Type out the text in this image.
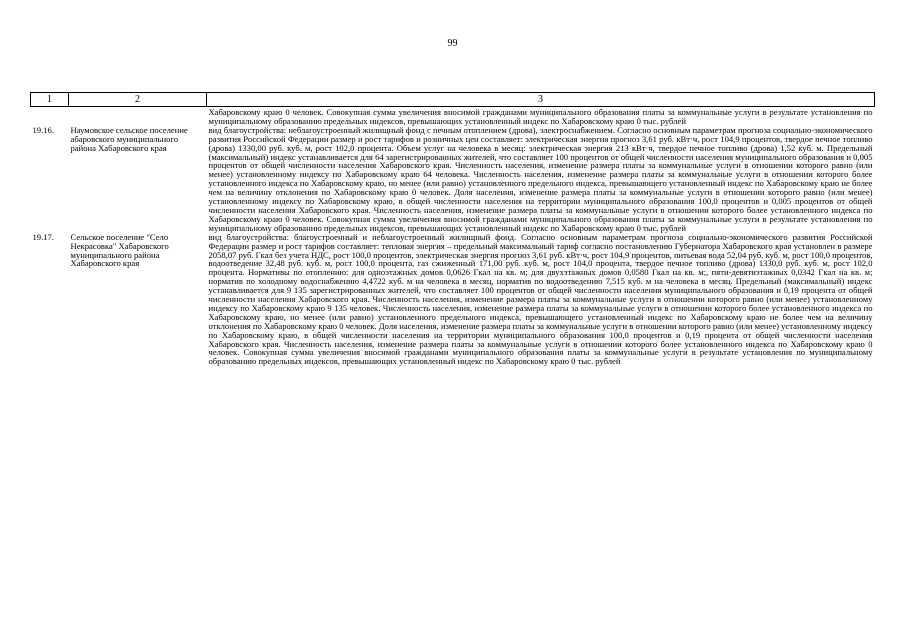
99
1	2	3
		Хабаровскому краю 0 человек. Совокупная сумма увеличения вносимой гражданами муниципального образования платы за коммунальные услуги в результате установления по муниципальному образованию предельных индексов, превышающих установленный индекс по Хабаровскому краю 0 тыс. рублей
19.16.	Наумовское сельское поселение абаровского муниципального района Хабаровского края	вид благоустройства: неблагоустроенный жилищный фонд с печным отоплением (дрова), электроснабжением. Согласно основным параметрам прогноза социально-экономического развития Российской Федерации размер и рост тарифов и розничных цен составляет: электрическая энергия прогноз 3,61 руб. кВт·ч, рост 104,9 процентов, твердое печное топливо (дрова) 1330,00 руб. куб. м, рост 102,0 процента. Объем услуг на человека в месяц: электрическая энергия 213 кВт·ч, твердое печное топливо (дрова) 1,52 куб. м. Предельный (максимальный) индекс устанавливается для 64 зарегистрированных жителей, что составляет 100 процентов от общей численности населения муниципального образования и 0,005 процентов от общей численности населения Хабаровского края. Численность населения, изменение размера платы за коммунальные услуги в отношении которого равно (или менее) установленному индексу по Хабаровскому краю 64 человека. Численность населения, изменение размера платы за коммунальные услуги в отношении которого более установленного индекса по Хабаровскому краю, но менее (или равно) установленного предельного индекса, превышающего установленный индекс по Хабаровскому краю не более чем на величину отклонения по Хабаровскому краю 0 человек. Доля населения, изменение размера платы за коммунальные услуги в отношении которого равно (или менее) установленному индексу по Хабаровскому краю, в общей численности населения на территории муниципального образования 100,0 процентов и 0,005 процентов от общей численности населения Хабаровского края. Численность населения, изменение размера платы за коммунальные услуги в отношении которого более установленного индекса по Хабаровскому краю 0 человек. Совокупная сумма увеличения вносимой гражданами муниципального образования платы за коммунальные услуги в результате установления по муниципальному образованию предельных индексов, превышающих установленный индекс по Хабаровскому краю 0 тыс. рублей
19.17.	Сельское поселение "Село Некрасовка" Хабаровского муниципального района Хабаровского края	вид благоустройства: благоустроенный и неблагоустроенный жилищный фонд. Согласно основным параметрам прогноза социально-экономического развития Российской Федерации размер и рост тарифов составляет: тепловая энергия – предельный максимальный тариф согласно постановлению Губернатора Хабаровского края установлен в размере 2058,07 руб. Гкал без учета НДС, рост 100,0 процентов, электрическая энергия прогноз 3,61 руб. кВт·ч, рост 104,9 процентов, питьевая вода 52,04 руб. куб. м, рост 100,0 процентов, водоотведение 32,48 руб. куб. м, рост 100,0 процента, газ сжиженный 171,00 руб. куб. м, рост 104,0 процента, твердое печное топливо (дрова) 1330,0 руб. куб. м, рост 102,0 процента. Нормативы по отоплению: для одноэтажных домов 0,0626 Гкал на кв. м; для двухэтажных домов 0,0580 Гкал на кв. м;, пяти-девятиэтажных 0,0342 Гкал на кв. м; норматив по холодному водоснабжению 4,4722 куб. м на человека в месяц, норматив по водоотведению 7,515 куб. м на человека в месяц. Предельный (максимальный) индекс устанавливается для 9 135 зарегистрированных жителей, что составляет 100 процентов от общей численности населения муниципального образования и 0,19 процента от общей численности населения Хабаровского края. Численность населения, изменение размера платы за коммунальные услуги в отношении которого равно (или менее) установленному индексу по Хабаровскому краю 9 135 человек. Численность населения, изменение размера платы за коммунальные услуги в отношении которого более установленного индекса по Хабаровскому краю, но менее (или равно) установленного предельного индекса, превышающего установленный индекс по Хабаровскому краю не более чем на величину отклонения по Хабаровскому краю 0 человек. Доля населения, изменение размера платы за коммунальные услуги в отношении которого равно (или менее) установленному индексу по Хабаровскому краю, в общей численности населения на территории муниципального образования 100,0 процентов и 0,19 процента от общей численности населения Хабаровского края. Численность населения, изменение размера платы за коммунальные услуги в отношении которого более установленного индекса по Хабаровскому краю 0 человек. Совокупная сумма увеличения вносимой гражданами муниципального образования платы за коммунальные услуги в результате установления по муниципальному образованию предельных индексов, превышающих установленный индекс по Хабаровскому краю 0 тыс. рублей
